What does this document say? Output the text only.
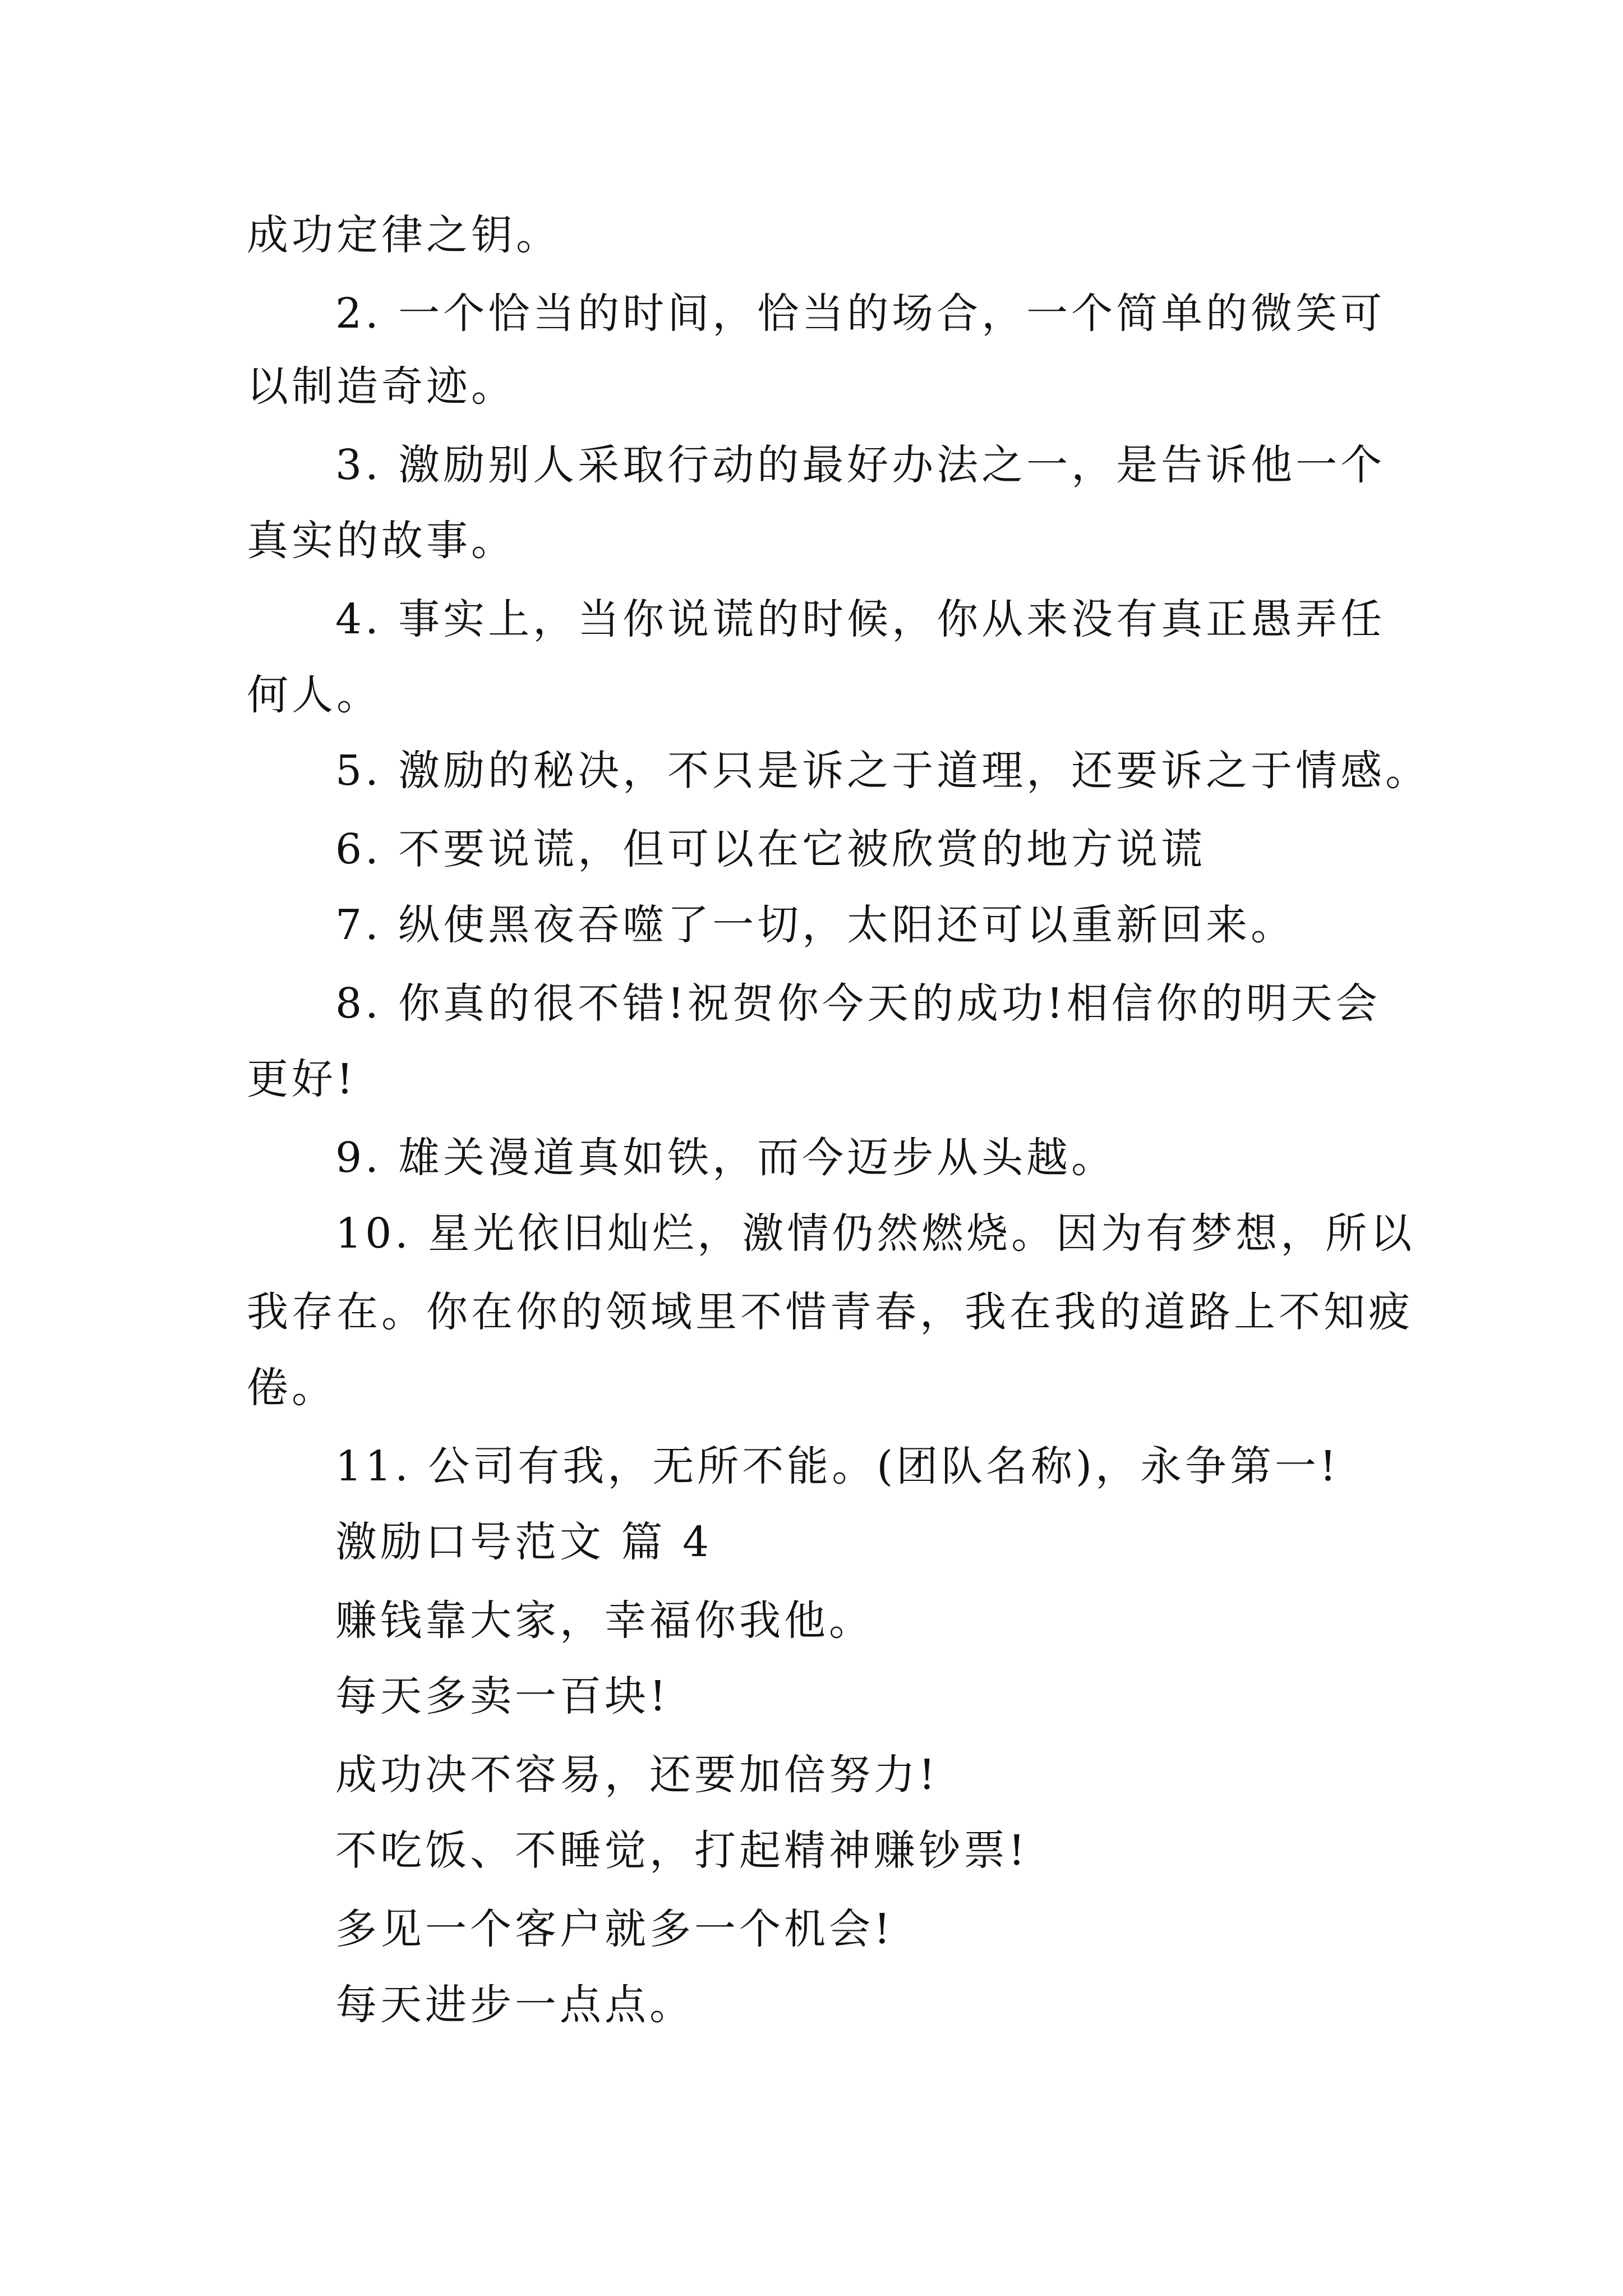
成功定律之钥。
2. 一个恰当的时间，恰当的场合，一个简单的微笑可
以制造奇迹。
3. 激励别人采取行动的最好办法之一，是告诉他一个
真实的故事。
4. 事实上，当你说谎的时候，你从来没有真正愚弄任
何人。
5. 激励的秘决，不只是诉之于道理，还要诉之于情感。
6. 不要说谎，但可以在它被欣赏的地方说谎
7. 纵使黑夜吞噬了一切，太阳还可以重新回来。
8. 你真的很不错!祝贺你今天的成功!相信你的明天会
更好!
9. 雄关漫道真如铁，而今迈步从头越。
10. 星光依旧灿烂，激情仍然燃烧。因为有梦想，所以
我存在。你在你的领域里不惜青春，我在我的道路上不知疲
倦。
11. 公司有我，无所不能。(团队名称)，永争第一!
激励口号范文 篇 4
赚钱靠大家，幸福你我他。
每天多卖一百块!
成功决不容易，还要加倍努力!
不吃饭、不睡觉，打起精神赚钞票!
多见一个客户就多一个机会!
每天进步一点点。
